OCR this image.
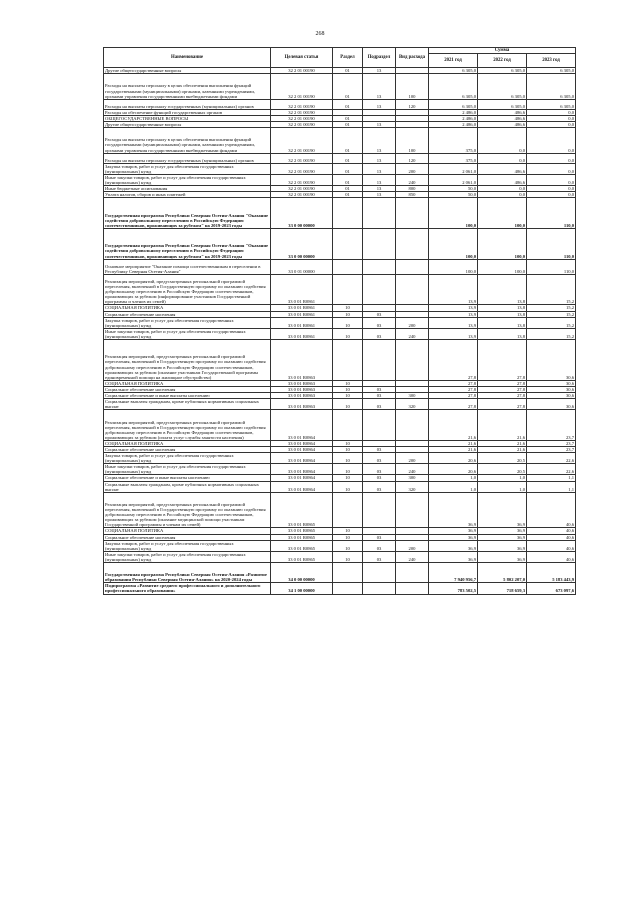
268
Наименование	Целевая статья	Раздел	Подраздел	Вид расхода	Сумма		
					2021 год	2022 год	2023 год
Другие общегосударственные вопросы	32 2 01 00190	01	13		6 305,0	6 305,0	6 305,0
Расходы на выплаты персоналу в целях обеспечения выполнения функций государственными (муниципальными) органами, казенными учреждениями, органами управления государственными внебюджетными фондами	32 2 01 00190	01	13	100	6 305,0	6 305,0	6 305,0
Расходы на выплаты персоналу государственных (муниципальных) органов	32 2 01 00190	01	13	120	6 305,0	6 305,0	6 305,0
Расходы на обеспечение функций государственных органов	32 2 01 00190				2 486,0	486,6	0,0
ОБЩЕГОСУДАРСТВЕННЫЕ ВОПРОСЫ	32 2 01 00190	01			2 486,0	486,6	0,0
Другие общегосударственные вопросы	32 2 01 00190	01	13		2 486,0	486,6	0,0
Расходы на выплаты персоналу в целях обеспечения выполнения функций государственными (муниципальными) органами, казенными учреждениями, органами управления государственными внебюджетными фондами	32 2 01 00190	01	13	100	375,0	0,0	0,0
Расходы на выплаты персоналу государственных (муниципальных) органов	32 2 01 00190	01	13	120	375,0	0,0	0,0
Закупка товаров, работ и услуг для обеспечения государственных (муниципальных) нужд	32 2 01 00190	01	13	200	2 061,0	486,6	0,0
Иные закупки товаров, работ и услуг для обеспечения государственных (муниципальных) нужд	32 2 01 00190	01	13	240	2 061,0	486,6	0,0
Иные бюджетные ассигнования	32 2 01 00190	01	13	800	50,0	0,0	0,0
Уплата налогов, сборов и иных платежей	32 2 01 00190	01	13	850	50,0	0,0	0,0
Государственная программа Республики Северная Осетия-Алания "Оказание содействия добровольному переселению в Российскую Федерацию соотечественников, проживающих за рубежом" на 2019-2023 годы	33 0 00 00000				100,0	100,0	110,0
Государственная программа Республики Северная Осетия-Алания "Оказание содействия добровольному переселению в Российскую Федерацию соотечественников, проживающих за рубежом" на 2019-2023 годы	33 0 00 00000				100,0	100,0	110,0
Основное мероприятие "Оказание помощи соотечественникам в переселении в Республику Северная Осетия-Алания"	33 0 01 00000				100,0	100,0	110,0
Реализация мероприятий, предусмотренных региональной программой переселения, включенной в Государственную программу по оказанию содействия добровольному переселению в Российскую Федерацию соотечественников, проживающих за рубежом (информирование участников Государственной программы и членов их семей)	33 0 01 R0861				13,9	13,8	15,2
СОЦИАЛЬНАЯ ПОЛИТИКА	33 0 01 R0861	10			13,9	13,8	15,2
Социальное обеспечение населения	33 0 01 R0861	10	03		13,9	13,8	15,2
Закупка товаров, работ и услуг для обеспечения государственных (муниципальных) нужд	33 0 01 R0861	10	03	200	13,9	13,8	15,2
Иные закупки товаров, работ и услуг для обеспечения государственных (муниципальных) нужд	33 0 01 R0861	10	03	240	13,9	13,8	15,2
Реализация мероприятий, предусмотренных региональной программой переселения, включенной в Государственную программу по оказанию содействия добровольному переселению в Российскую Федерацию соотечественников, проживающих за рубежом (оказание участникам Государственной программы единовременной помощи на жилищное обустройство)	33 0 01 R0863				27,8	27,8	30,6
СОЦИАЛЬНАЯ ПОЛИТИКА	33 0 01 R0863	10			27,8	27,8	30,6
Социальное обеспечение населения	33 0 01 R0863	10	03		27,8	27,8	30,6
Социальное обеспечение и иные выплаты населению	33 0 01 R0863	10	03	300	27,8	27,8	30,6
Социальные выплаты гражданам, кроме публичных нормативных социальных выплат	33 0 01 R0863	10	03	320	27,8	27,8	30,6
Реализация мероприятий, предусмотренных региональной программой переселения, включенной в Государственную программу по оказанию содействия добровольному переселению в Российскую Федерацию соотечественников, проживающих за рубежом (оплата услуг службы занятости населения)	33 0 01 R0864				21,6	21,6	23,7
СОЦИАЛЬНАЯ ПОЛИТИКА	33 0 01 R0864	10			21,6	21,6	23,7
Социальное обеспечение населения	33 0 01 R0864	10	03		21,6	21,6	23,7
Закупка товаров, работ и услуг для обеспечения государственных (муниципальных) нужд	33 0 01 R0864	10	03	200	20,6	20,5	22,6
Иные закупки товаров, работ и услуг для обеспечения государственных (муниципальных) нужд	33 0 01 R0864	10	03	240	20,6	20,5	22,6
Социальное обеспечение и иные выплаты населению	33 0 01 R0864	10	03	300	1,0	1,0	1,1
Социальные выплаты гражданам, кроме публичных нормативных социальных выплат	33 0 01 R0864	10	03	320	1,0	1,0	1,1
Реализация мероприятий, предусмотренных региональной программой переселения, включенной в Государственную программу по оказанию содействия добровольному переселению в Российскую Федерацию соотечественников, проживающих за рубежом (оказание медицинской помощи участникам Государственной программы и членам их семей)	33 0 01 R0865				36,9	36,9	40,6
СОЦИАЛЬНАЯ ПОЛИТИКА	33 0 01 R0865	10			36,9	36,9	40,6
Социальное обеспечение населения	33 0 01 R0865	10	03		36,9	36,9	40,6
Закупка товаров, работ и услуг для обеспечения государственных (муниципальных) нужд	33 0 01 R0865	10	03	200	36,9	36,9	40,6
Иные закупки товаров, работ и услуг для обеспечения государственных (муниципальных) нужд	33 0 01 R0865	10	03	240	36,9	36,9	40,6
Государственная программа Республики Северная Осетия-Алания «Развитие образования Республики Северная Осетия-Алания» на 2020-2024 годы	34 0 00 00000				7 940 956,7	5 802 207,0	5 183 443,9
Подпрограмма «Развитие среднего профессионального и дополнительного профессионального образования»	34 1 00 00000				783 502,5	718 659,3	673 097,6
